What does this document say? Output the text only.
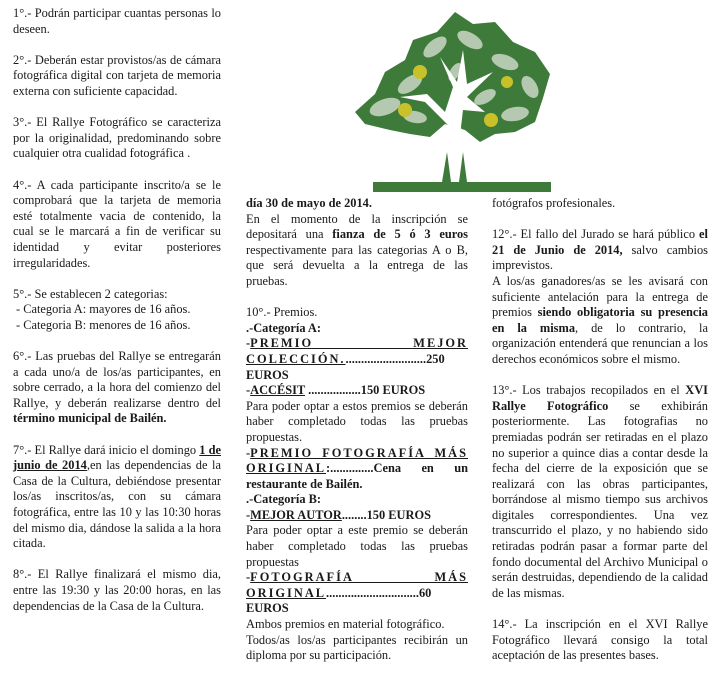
1°.- Podrán participar cuantas personas lo deseen.

2°.- Deberán estar provistos/as de cámara fotográfica digital con tarjeta de memoria externa con suficiente capacidad.

3°.- El Rallye Fotográfico se caracteriza por la originalidad, predominando sobre cualquier otra cualidad fotográfica .

4°.- A cada participante inscrito/a se le comprobará que la tarjeta de memoria esté totalmente vacia de contenido, la cual se le marcará a fin de verificar su identidad y evitar posteriores irregularidades.

5°.- Se establecen 2 categorias:
- Categoria A: mayores de 16 años.
- Categoria B: menores de 16 años.

6°.- Las pruebas del Rallye se entregarán a cada uno/a de los/as participantes, en sobre cerrado, a la hora del comienzo del Rallye, y deberán realizarse dentro del término municipal de Bailén.

7°.- El Rallye dará inicio el domingo 1 de junio de 2014,en las dependencias de la Casa de la Cultura, debiéndose presentar los/as inscritos/as, con su cámara fotográfica, entre las 10 y las 10:30 horas del mismo dia, dándose la salida a la hora citada.

8°.- El Rallye finalizará el mismo dia, entre las 19:30 y las 20:00 horas, en las dependencias de la Casa de la Cultura.

día 30 de mayo de 2014.

En el momento de la inscripción se depositará una fianza de 5 ó 3 euros respectivamente para las categorias A o B, que será devuelta a la entrega de las pruebas.

10°.- Premios.
.-Categoría A:
-PREMIO MEJOR COLECCIÓN...........................250 EUROS
-ACCÉSIT .................150 EUROS
Para poder optar a estos premios se deberán haber completado todas las pruebas propuestas.
-PREMIO FOTOGRAFÍA MÁS ORIGINAL:..............Cena en un restaurante de Bailén.
.-Categoría B:
-MEJOR AUTOR........150 EUROS
Para poder optar a este premio se deberán haber completado todas las pruebas propuestas
-FOTOGRAFÍA MÁS ORIGINAL..............................60 EUROS
Ambos premios en material fotográfico.
Todos/as los/as participantes recibirán un diploma por su participación.

fotógrafos profesionales.

12°.- El fallo del Jurado se hará público el 21 de Junio de 2014, salvo cambios imprevistos.

A los/as ganadores/as se les avisará con suficiente antelación para la entrega de premios siendo obligatoria su presencia en la misma, de lo contrario, la organización entenderá que renuncian a los derechos económicos sobre el mismo.

13°.- Los trabajos recopilados en el XVI Rallye Fotográfico se exhibirán posteriormente. Las fotografias no premiadas podrán ser retiradas en el plazo no superior a quince dias a contar desde la fecha del cierre de la exposición que se realizará con las obras participantes, borrándose al mismo tiempo sus archivos digitales correspondientes. Una vez transcurrido el plazo, y no habiendo sido retiradas podrán pasar a formar parte del fondo documental del Archivo Municipal o serán destruidas, dependiendo de la calidad de las mismas.

14°.- La inscripción en el XVI Rallye Fotográfico llevará consigo la total aceptación de las presentes bases.
